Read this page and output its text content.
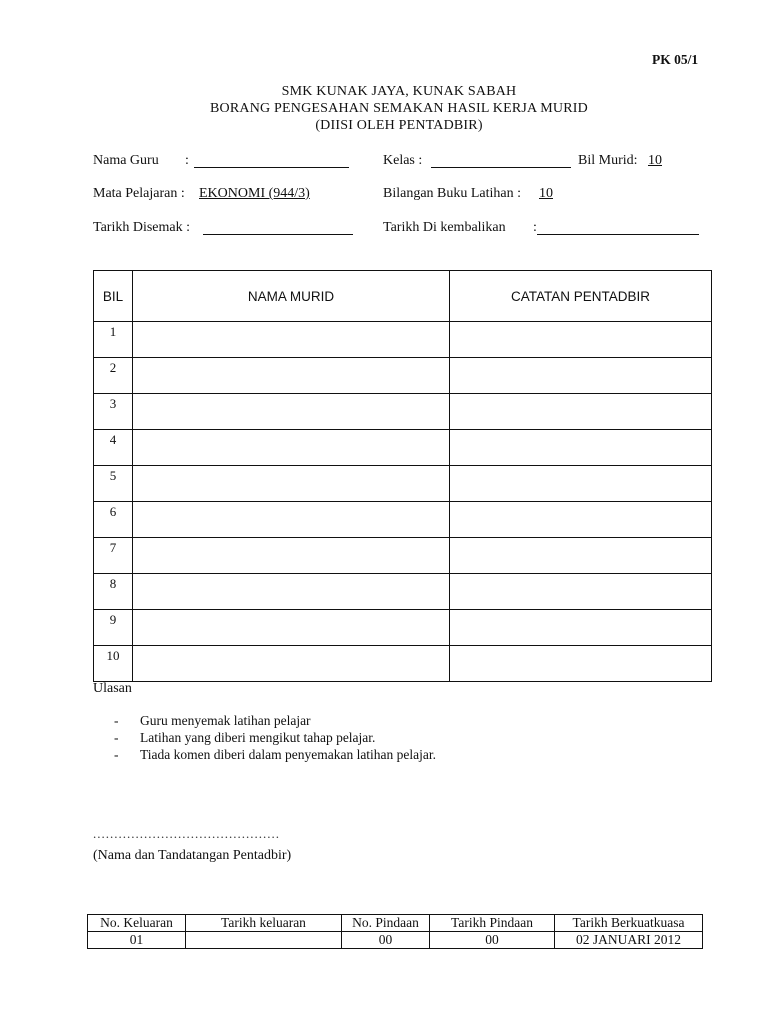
PK 05/1
SMK KUNAK JAYA, KUNAK SABAH
BORANG PENGESAHAN SEMAKAN HASIL KERJA MURID
(DIISI OLEH PENTADBIR)
Nama Guru :	Kelas :	Bil Murid: 10
Mata Pelajaran : EKONOMI (944/3)	Bilangan Buku Latihan : 10
Tarikh Disemak :	Tarikh Di kembalikan :
BIL	NAMA MURID	CATATAN PENTADBIR
1		
2		
3		
4		
5		
6		
7		
8		
9		
10		
Ulasan
- Guru menyemak latihan pelajar
- Latihan yang diberi mengikut tahap pelajar.
- Tiada komen diberi dalam penyemakan latihan pelajar.
............................................
(Nama dan Tandatangan Pentadbir)
No. Keluaran	Tarikh keluaran	No. Pindaan	Tarikh Pindaan	Tarikh Berkuatkuasa
01		00	00	02 JANUARI 2012
